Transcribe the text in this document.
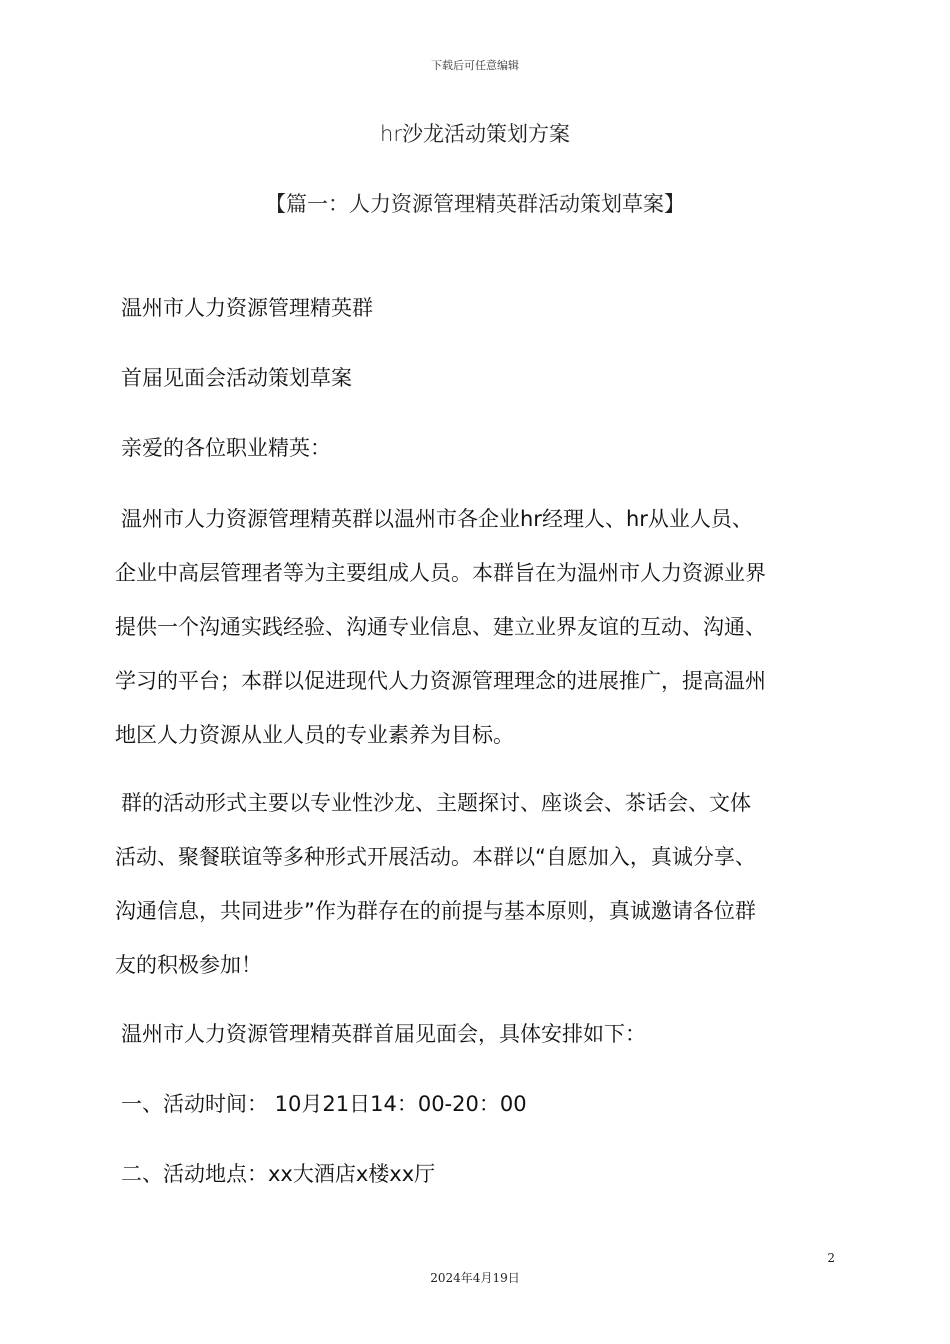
下载后可任意编辑
hr沙龙活动策划方案
【篇一：人力资源管理精英群活动策划草案】
温州市人力资源管理精英群
首届见面会活动策划草案
亲爱的各位职业精英：
温州市人力资源管理精英群以温州市各企业hr经理人、hr从业人员、
企业中高层管理者等为主要组成人员。本群旨在为温州市人力资源业界
提供一个沟通实践经验、沟通专业信息、建立业界友谊的互动、沟通、
学习的平台；本群以促进现代人力资源管理理念的进展推广，提高温州
地区人力资源从业人员的专业素养为目标。
群的活动形式主要以专业性沙龙、主题探讨、座谈会、茶话会、文体
活动、聚餐联谊等多种形式开展活动。本群以“自愿加入，真诚分享、
沟通信息，共同进步”作为群存在的前提与基本原则，真诚邀请各位群
友的积极参加！
温州市人力资源管理精英群首届见面会，具体安排如下：
一、活动时间： 10月21日14：00-20：00
二、活动地点：xx大酒店x楼xx厅
2
2024年4月19日
